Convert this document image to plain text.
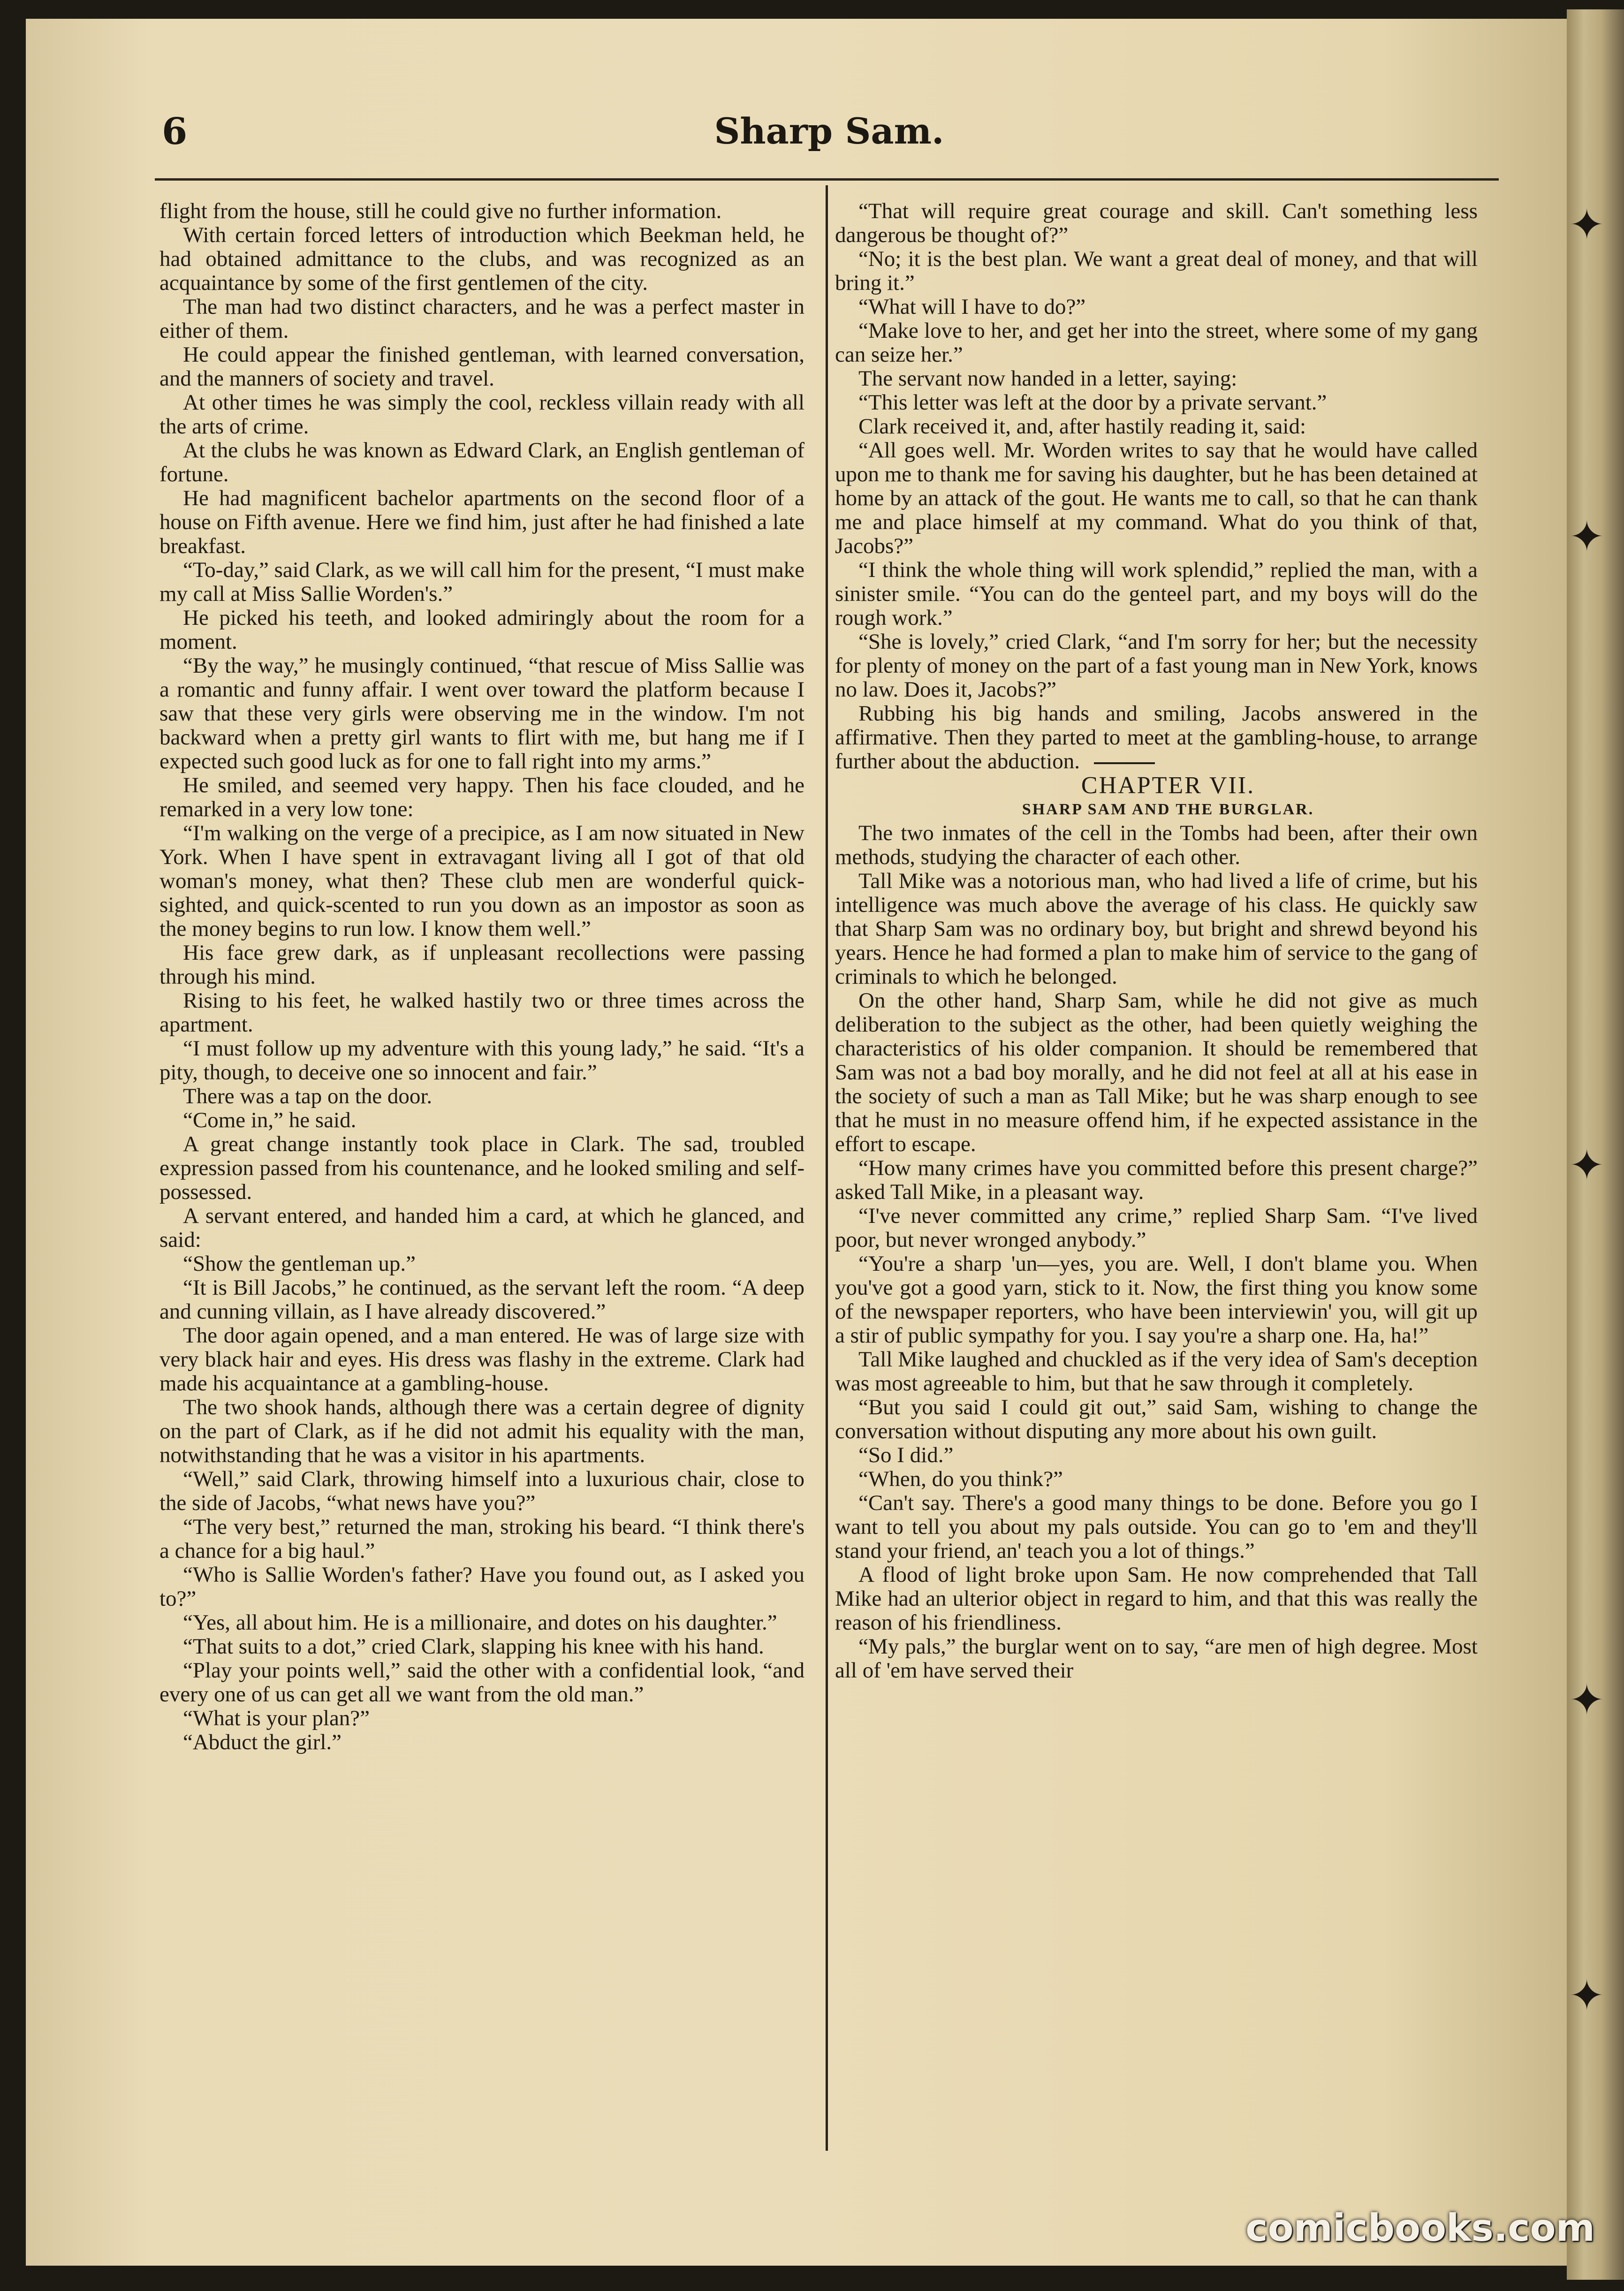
✦
✦
✦
✦
✦
6	Sharp Sam.

flight from the house, still he could give no further information.

With certain forced letters of introduction which Beekman held, he had obtained admittance to the clubs, and was recognized as an acquaintance by some of the first gentlemen of the city.

The man had two distinct characters, and he was a perfect master in either of them.

He could appear the finished gentleman, with learned conversation, and the manners of society and travel.

At other times he was simply the cool, reckless villain ready with all the arts of crime.

At the clubs he was known as Edward Clark, an English gentleman of fortune.

He had magnificent bachelor apartments on the second floor of a house on Fifth avenue. Here we find him, just after he had finished a late breakfast.

“To-day,” said Clark, as we will call him for the present, “I must make my call at Miss Sallie Worden's.”

He picked his teeth, and looked admiringly about the room for a moment.

“By the way,” he musingly continued, “that rescue of Miss Sallie was a romantic and funny affair. I went over toward the platform because I saw that these very girls were observing me in the window. I'm not backward when a pretty girl wants to flirt with me, but hang me if I expected such good luck as for one to fall right into my arms.”

He smiled, and seemed very happy. Then his face clouded, and he remarked in a very low tone:

“I'm walking on the verge of a precipice, as I am now situated in New York. When I have spent in extravagant living all I got of that old woman's money, what then? These club men are wonderful quick-sighted, and quick-scented to run you down as an impostor as soon as the money begins to run low. I know them well.”

His face grew dark, as if unpleasant recollections were passing through his mind.

Rising to his feet, he walked hastily two or three times across the apartment.

“I must follow up my adventure with this young lady,” he said. “It's a pity, though, to deceive one so innocent and fair.”

There was a tap on the door.

“Come in,” he said.

A great change instantly took place in Clark. The sad, troubled expression passed from his countenance, and he looked smiling and self-possessed.

A servant entered, and handed him a card, at which he glanced, and said:

“Show the gentleman up.”

“It is Bill Jacobs,” he continued, as the servant left the room. “A deep and cunning villain, as I have already discovered.”

The door again opened, and a man entered. He was of large size with very black hair and eyes. His dress was flashy in the extreme. Clark had made his acquaintance at a gambling-house.

The two shook hands, although there was a certain degree of dignity on the part of Clark, as if he did not admit his equality with the man, notwithstanding that he was a visitor in his apartments.

“Well,” said Clark, throwing himself into a luxurious chair, close to the side of Jacobs, “what news have you?”

“The very best,” returned the man, stroking his beard. “I think there's a chance for a big haul.”

“Who is Sallie Worden's father? Have you found out, as I asked you to?”

“Yes, all about him. He is a millionaire, and dotes on his daughter.”

“That suits to a dot,” cried Clark, slapping his knee with his hand.

“Play your points well,” said the other with a confidential look, “and every one of us can get all we want from the old man.”

“What is your plan?”

“Abduct the girl.”

“That will require great courage and skill. Can't something less dangerous be thought of?”

“No; it is the best plan. We want a great deal of money, and that will bring it.”

“What will I have to do?”

“Make love to her, and get her into the street, where some of my gang can seize her.”

The servant now handed in a letter, saying:

“This letter was left at the door by a private servant.”

Clark received it, and, after hastily reading it, said:

“All goes well. Mr. Worden writes to say that he would have called upon me to thank me for saving his daughter, but he has been detained at home by an attack of the gout. He wants me to call, so that he can thank me and place himself at my command. What do you think of that, Jacobs?”

“I think the whole thing will work splendid,” replied the man, with a sinister smile. “You can do the genteel part, and my boys will do the rough work.”

“She is lovely,” cried Clark, “and I'm sorry for her; but the necessity for plenty of money on the part of a fast young man in New York, knows no law. Does it, Jacobs?”

Rubbing his big hands and smiling, Jacobs answered in the affirmative. Then they parted to meet at the gambling-house, to arrange further about the abduction.

CHAPTER VII.

SHARP SAM AND THE BURGLAR.

The two inmates of the cell in the Tombs had been, after their own methods, studying the character of each other.

Tall Mike was a notorious man, who had lived a life of crime, but his intelligence was much above the average of his class. He quickly saw that Sharp Sam was no ordinary boy, but bright and shrewd beyond his years. Hence he had formed a plan to make him of service to the gang of criminals to which he belonged.

On the other hand, Sharp Sam, while he did not give as much deliberation to the subject as the other, had been quietly weighing the characteristics of his older companion. It should be remembered that Sam was not a bad boy morally, and he did not feel at all at his ease in the society of such a man as Tall Mike; but he was sharp enough to see that he must in no measure offend him, if he expected assistance in the effort to escape.

“How many crimes have you committed before this present charge?” asked Tall Mike, in a pleasant way.

“I've never committed any crime,” replied Sharp Sam. “I've lived poor, but never wronged anybody.”

“You're a sharp 'un—yes, you are. Well, I don't blame you. When you've got a good yarn, stick to it. Now, the first thing you know some of the newspaper reporters, who have been interviewin' you, will git up a stir of public sympathy for you. I say you're a sharp one. Ha, ha!”

Tall Mike laughed and chuckled as if the very idea of Sam's deception was most agreeable to him, but that he saw through it completely.

“But you said I could git out,” said Sam, wishing to change the conversation without disputing any more about his own guilt.

“So I did.”

“When, do you think?”

“Can't say. There's a good many things to be done. Before you go I want to tell you about my pals outside. You can go to 'em and they'll stand your friend, an' teach you a lot of things.”

A flood of light broke upon Sam. He now comprehended that Tall Mike had an ulterior object in regard to him, and that this was really the reason of his friendliness.

“My pals,” the burglar went on to say, “are men of high degree. Most all of 'em have served their

comicbooks.com
